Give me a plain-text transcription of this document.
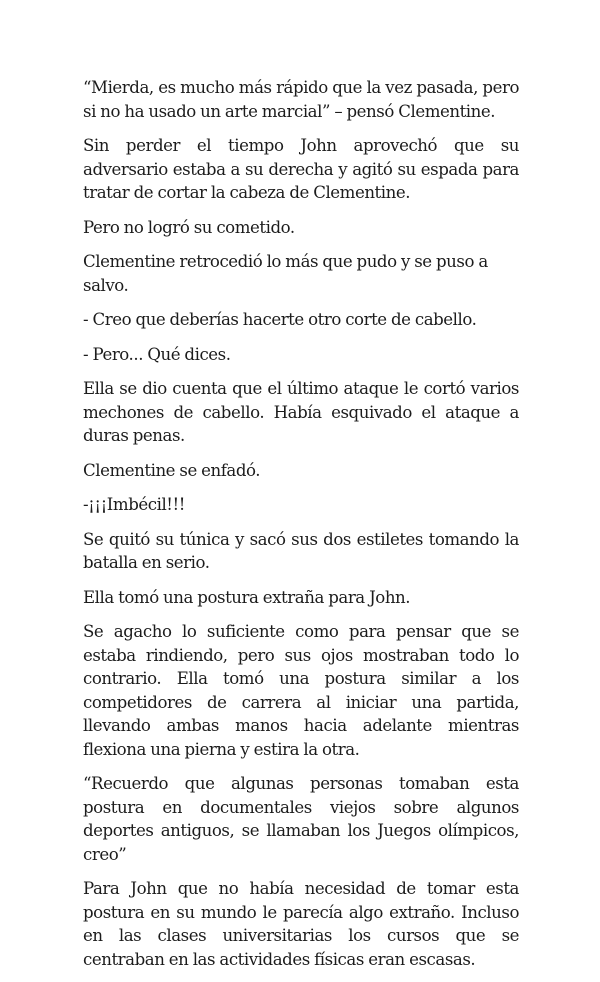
“Mierda, es mucho más rápido que la vez pasada, pero si no ha usado un arte marcial” – pensó Clementine.

Sin perder el tiempo John aprovechó que su adversario estaba a su derecha y agitó su espada para tratar de cortar la cabeza de Clementine.

Pero no logró su cometido.

Clementine retrocedió lo más que pudo y se puso a salvo.

- Creo que deberías hacerte otro corte de cabello.

- Pero... Qué dices.

Ella se dio cuenta que el último ataque le cortó varios mechones de cabello. Había esquivado el ataque a duras penas.

Clementine se enfadó.

-¡¡¡Imbécil!!!

Se quitó su túnica y sacó sus dos estiletes tomando la batalla en serio.

Ella tomó una postura extraña para John.

Se agacho lo suficiente como para pensar que se estaba rindiendo, pero sus ojos mostraban todo lo contrario. Ella tomó una postura similar a los competidores de carrera al iniciar una partida, llevando ambas manos hacia adelante mientras flexiona una pierna y estira la otra.

“Recuerdo que algunas personas tomaban esta postura en documentales viejos sobre algunos deportes antiguos, se llamaban los Juegos olímpicos, creo”

Para John que no había necesidad de tomar esta postura en su mundo le parecía algo extraño. Incluso en las clases universitarias los cursos que se centraban en las actividades físicas eran escasas.
